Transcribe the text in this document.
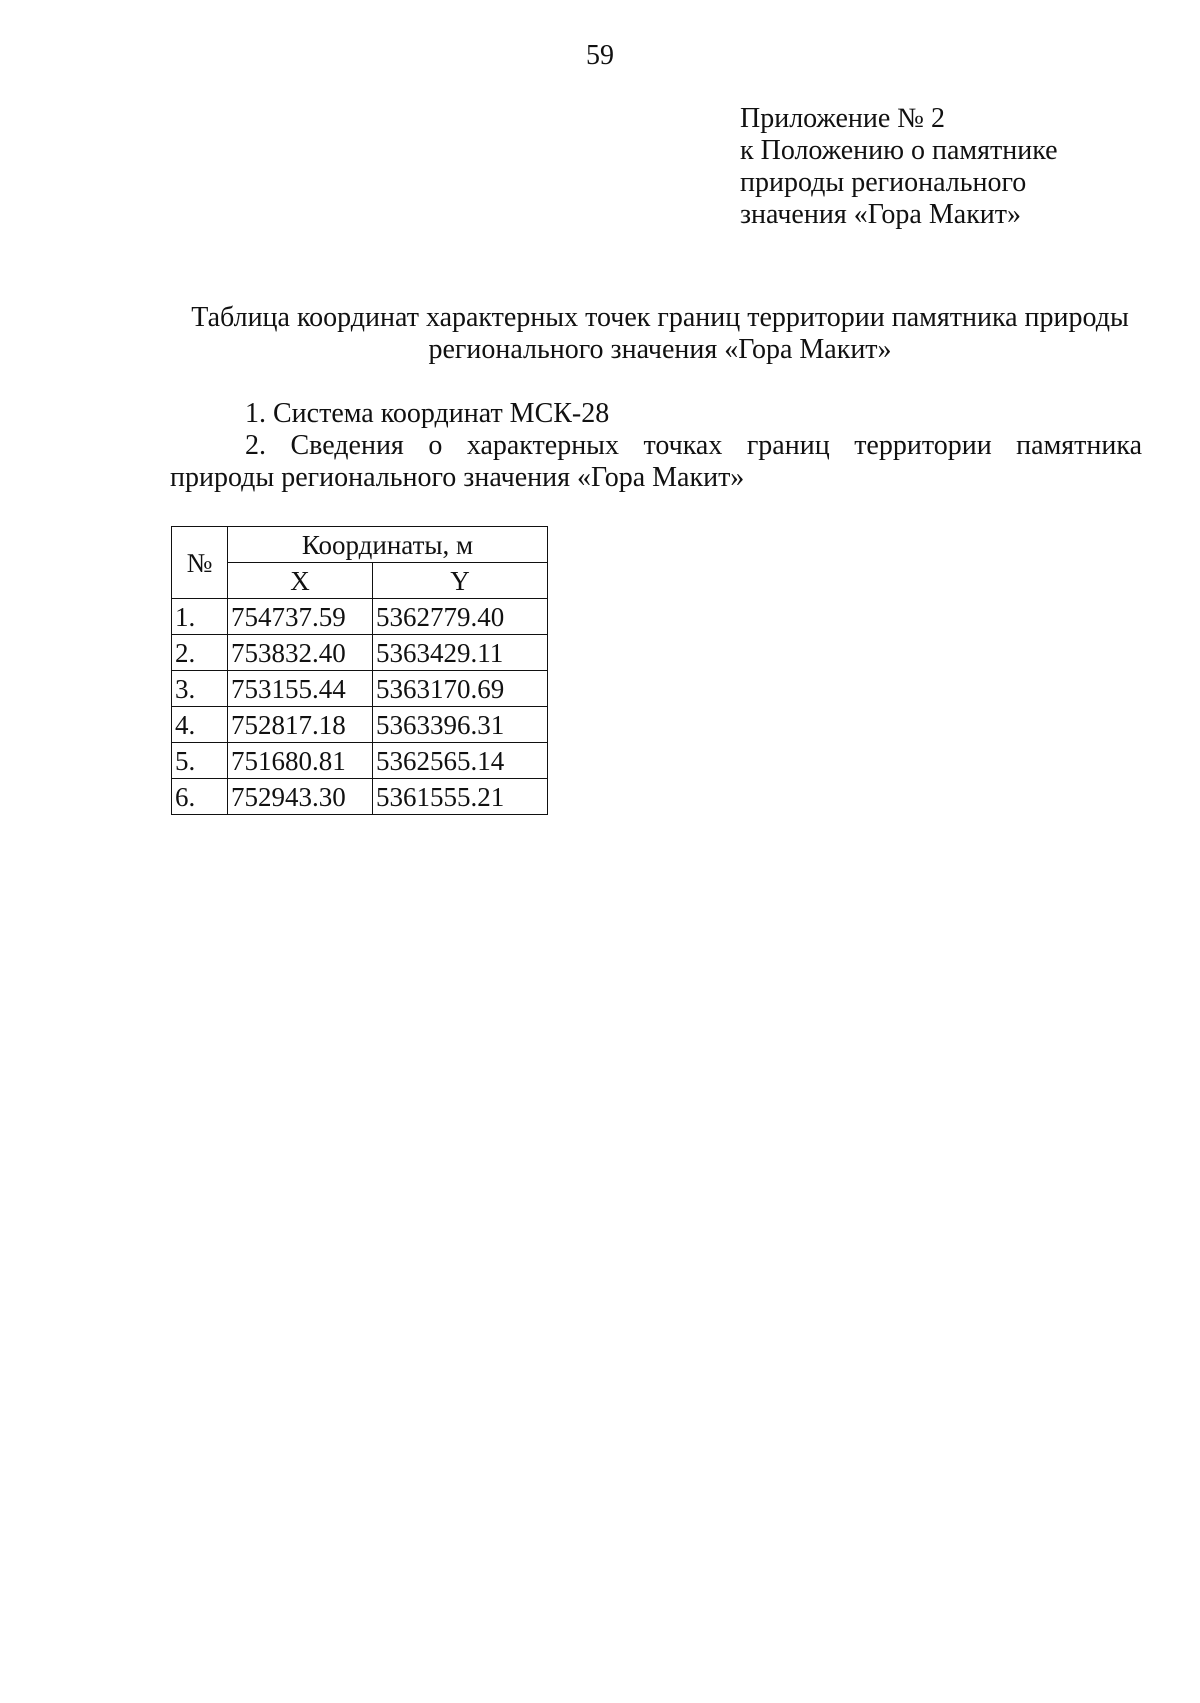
59
Приложение № 2
к Положению о памятнике
природы регионального
значения «Гора Макит»
Таблица координат характерных точек границ территории памятника природы
регионального значения «Гора Макит»
1. Система координат МСК-28
2. Сведения о характерных точках границ территории памятника
природы регионального значения «Гора Макит»
№	Координаты, м	
	X	Y
1.	754737.59	5362779.40
2.	753832.40	5363429.11
3.	753155.44	5363170.69
4.	752817.18	5363396.31
5.	751680.81	5362565.14
6.	752943.30	5361555.21
